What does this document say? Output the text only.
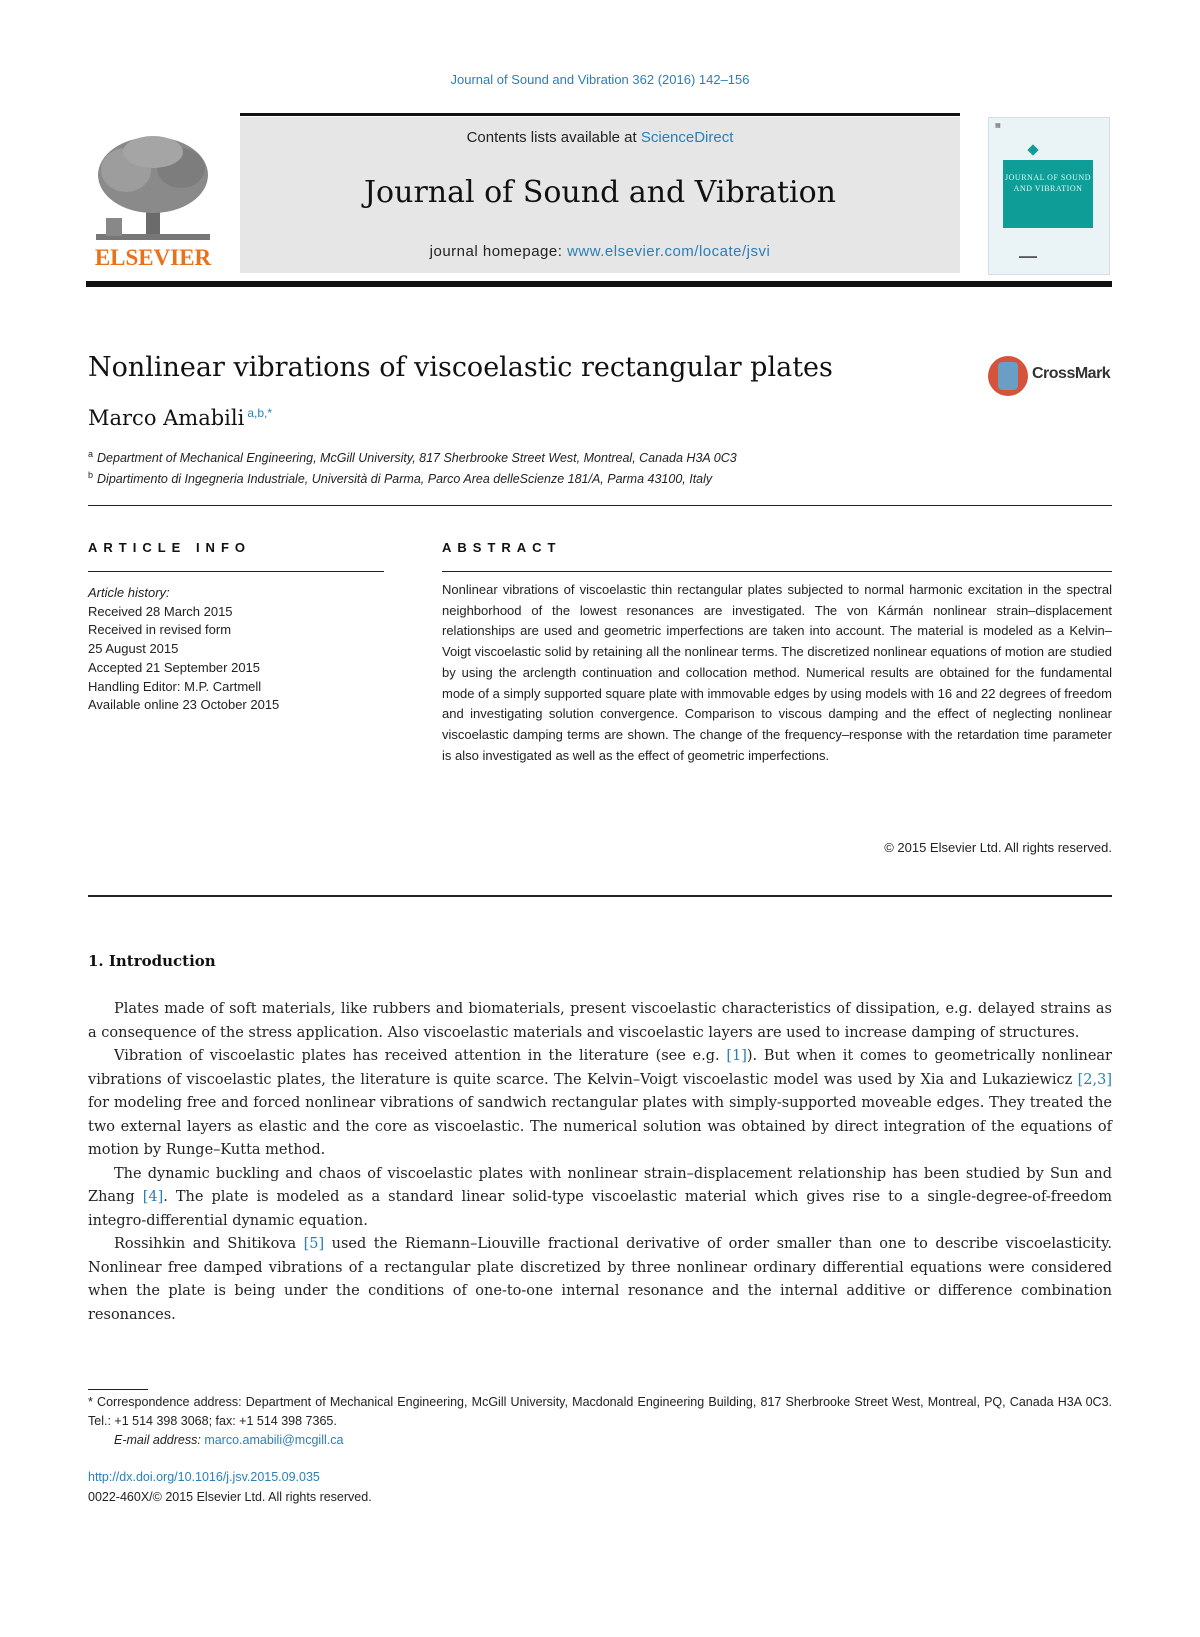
Journal of Sound and Vibration 362 (2016) 142–156
ELSEVIER
Contents lists available at ScienceDirect
Journal of Sound and Vibration
journal homepage: www.elsevier.com/locate/jsvi
▦
JOURNAL OF SOUND AND VIBRATION
▬▬▬
Nonlinear vibrations of viscoelastic rectangular plates	CrossMark
Marco Amabili $^{a,b,*}$
$^a$ Department of Mechanical Engineering, McGill University, 817 Sherbrooke Street West, Montreal, Canada H3A 0C3
$^b$ Dipartimento di Ingegneria Industriale, Università di Parma, Parco Area delleScienze 181/A, Parma 43100, Italy
ARTICLE INFO	ABSTRACT
Article history:
Received 28 March 2015
Received in revised form
25 August 2015
Accepted 21 September 2015
Handling Editor: M.P. Cartmell
Available online 23 October 2015
Nonlinear vibrations of viscoelastic thin rectangular plates subjected to normal harmonic excitation in the spectral neighborhood of the lowest resonances are investigated. The von Kármán nonlinear strain–displacement relationships are used and geometric imperfections are taken into account. The material is modeled as a Kelvin–Voigt viscoelastic solid by retaining all the nonlinear terms. The discretized nonlinear equations of motion are studied by using the arclength continuation and collocation method. Numerical results are obtained for the fundamental mode of a simply supported square plate with immovable edges by using models with 16 and 22 degrees of freedom and investigating solution convergence. Comparison to viscous damping and the effect of neglecting nonlinear viscoelastic damping terms are shown. The change of the frequency–response with the retardation time parameter is also investigated as well as the effect of geometric imperfections.
© 2015 Elsevier Ltd. All rights reserved.
1. Introduction

Plates made of soft materials, like rubbers and biomaterials, present viscoelastic characteristics of dissipation, e.g. delayed strains as a consequence of the stress application. Also viscoelastic materials and viscoelastic layers are used to increase damping of structures.

Vibration of viscoelastic plates has received attention in the literature (see e.g. [1]). But when it comes to geometrically nonlinear vibrations of viscoelastic plates, the literature is quite scarce. The Kelvin–Voigt viscoelastic model was used by Xia and Lukaziewicz [2,3] for modeling free and forced nonlinear vibrations of sandwich rectangular plates with simply-supported moveable edges. They treated the two external layers as elastic and the core as viscoelastic. The numerical solution was obtained by direct integration of the equations of motion by Runge–Kutta method.

The dynamic buckling and chaos of viscoelastic plates with nonlinear strain–displacement relationship has been studied by Sun and Zhang [4]. The plate is modeled as a standard linear solid-type viscoelastic material which gives rise to a single-degree-of-freedom integro-differential dynamic equation.

Rossihkin and Shitikova [5] used the Riemann–Liouville fractional derivative of order smaller than one to describe viscoelasticity. Nonlinear free damped vibrations of a rectangular plate discretized by three nonlinear ordinary differential equations were considered when the plate is being under the conditions of one-to-one internal resonance and the internal additive or difference combination resonances.

* Correspondence address: Department of Mechanical Engineering, McGill University, Macdonald Engineering Building, 817 Sherbrooke Street West, Montreal, PQ, Canada H3A 0C3. Tel.: +1 514 398 3068; fax: +1 514 398 7365.
E-mail address: marco.amabili@mcgill.ca
http://dx.doi.org/10.1016/j.jsv.2015.09.035
0022-460X/© 2015 Elsevier Ltd. All rights reserved.
